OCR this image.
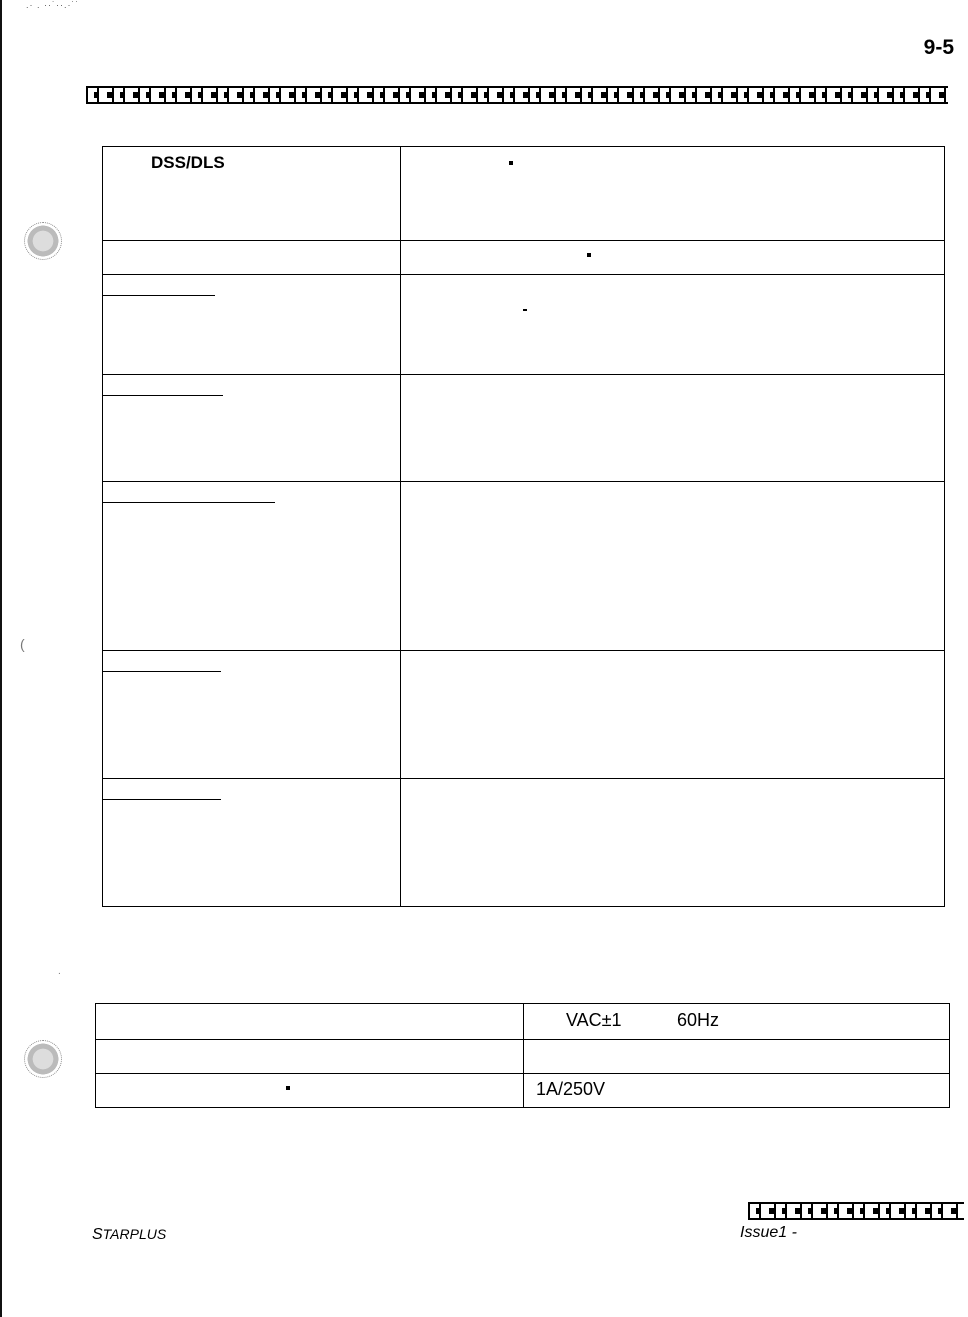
.· . ··˙··.·˙˙
9-5
(
.
DSS/DLS	

	VAC±1 60Hz

	1A/250V
STARPLUS	Issue1 -
